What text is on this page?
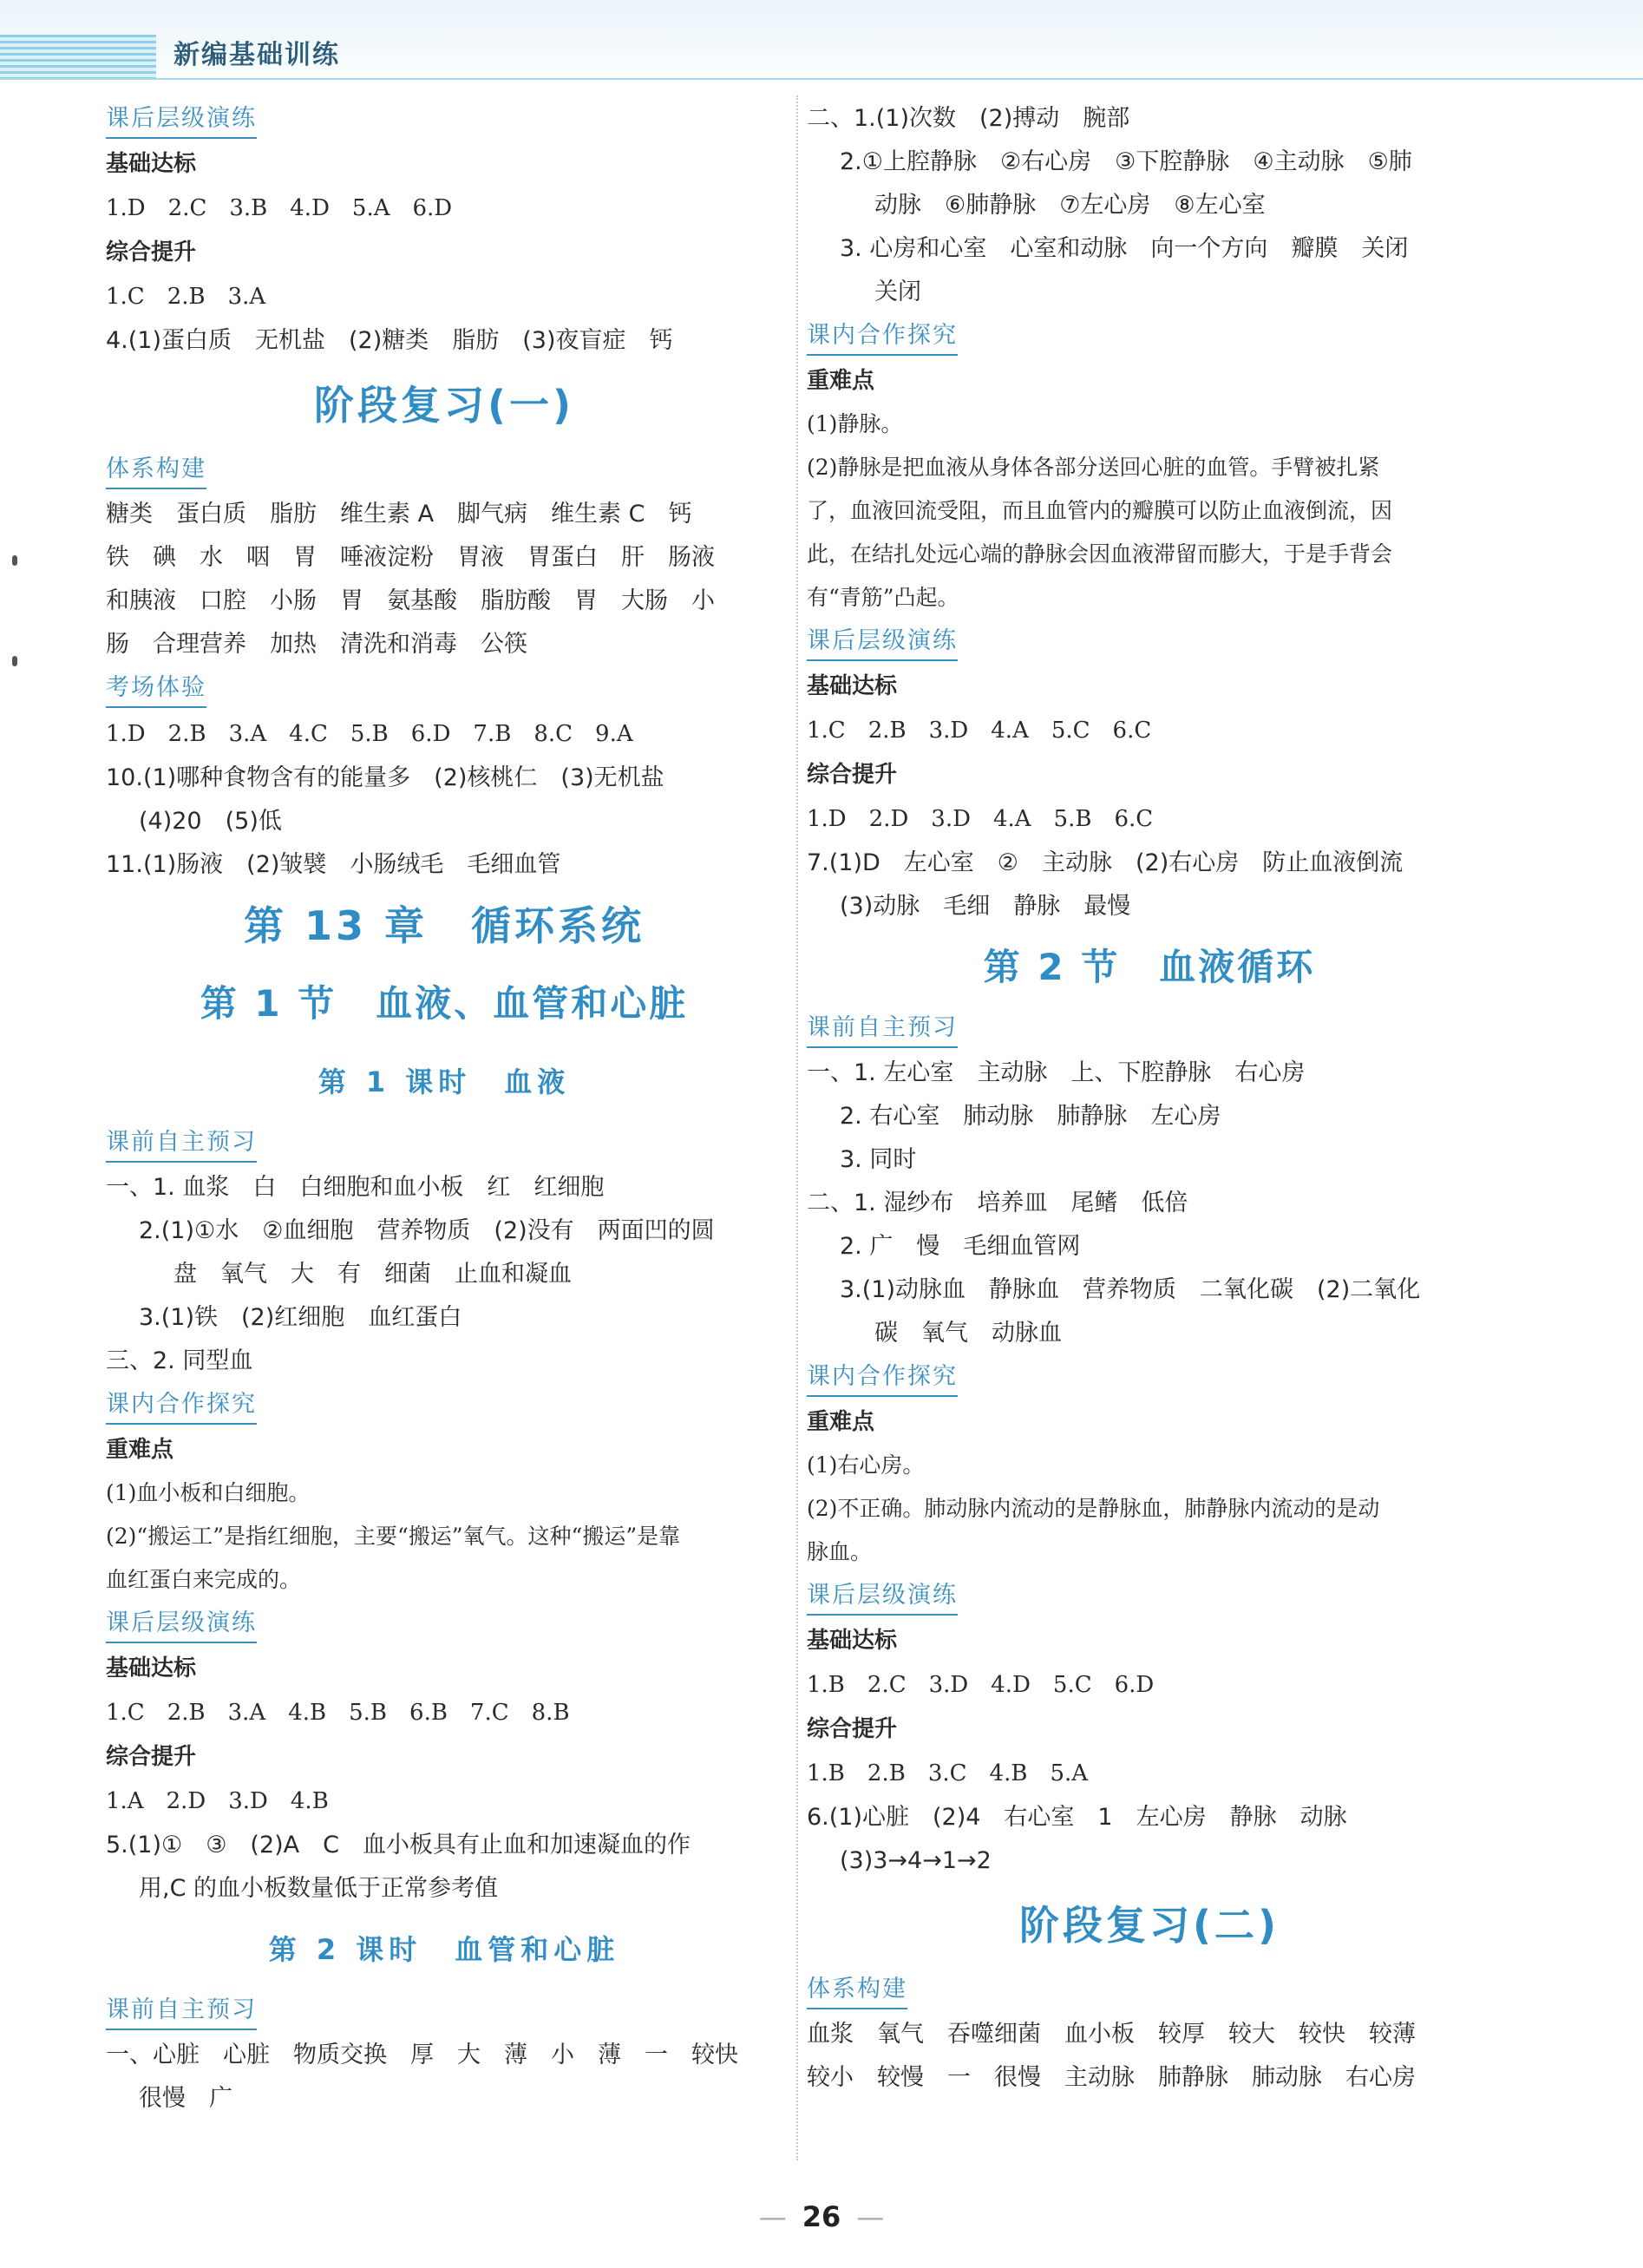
新编基础训练
课后层级演练
基础达标
1.D　2.C　3.B　4.D　5.A　6.D
综合提升
1.C　2.B　3.A
4.(1)蛋白质　无机盐　(2)糖类　脂肪　(3)夜盲症　钙
阶段复习(一)
体系构建
糖类　蛋白质　脂肪　维生素 A　脚气病　维生素 C　钙
铁　碘　水　咽　胃　唾液淀粉　胃液　胃蛋白　肝　肠液
和胰液　口腔　小肠　胃　氨基酸　脂肪酸　胃　大肠　小
肠　合理营养　加热　清洗和消毒　公筷
考场体验
1.D　2.B　3.A　4.C　5.B　6.D　7.B　8.C　9.A
10.(1)哪种食物含有的能量多　(2)核桃仁　(3)无机盐
(4)20　(5)低
11.(1)肠液　(2)皱襞　小肠绒毛　毛细血管
第 13 章　循环系统
第 1 节　血液、血管和心脏
第 1 课时　血液
课前自主预习
一、1. 血浆　白　白细胞和血小板　红　红细胞
2.(1)①水　②血细胞　营养物质　(2)没有　两面凹的圆
盘　氧气　大　有　细菌　止血和凝血
3.(1)铁　(2)红细胞　血红蛋白
三、2. 同型血
课内合作探究
重难点
(1)血小板和白细胞。
(2)“搬运工”是指红细胞，主要“搬运”氧气。这种“搬运”是靠
血红蛋白来完成的。
课后层级演练
基础达标
1.C　2.B　3.A　4.B　5.B　6.B　7.C　8.B
综合提升
1.A　2.D　3.D　4.B
5.(1)①　③　(2)A　C　血小板具有止血和加速凝血的作
用,C 的血小板数量低于正常参考值
第 2 课时　血管和心脏
课前自主预习
一、心脏　心脏　物质交换　厚　大　薄　小　薄　一　较快
很慢　广
二、1.(1)次数　(2)搏动　腕部
2.①上腔静脉　②右心房　③下腔静脉　④主动脉　⑤肺
动脉　⑥肺静脉　⑦左心房　⑧左心室
3. 心房和心室　心室和动脉　向一个方向　瓣膜　关闭
关闭
课内合作探究
重难点
(1)静脉。
(2)静脉是把血液从身体各部分送回心脏的血管。手臂被扎紧
了，血液回流受阻，而且血管内的瓣膜可以防止血液倒流，因
此，在结扎处远心端的静脉会因血液滞留而膨大，于是手背会
有“青筋”凸起。
课后层级演练
基础达标
1.C　2.B　3.D　4.A　5.C　6.C
综合提升
1.D　2.D　3.D　4.A　5.B　6.C
7.(1)D　左心室　②　主动脉　(2)右心房　防止血液倒流
(3)动脉　毛细　静脉　最慢
第 2 节　血液循环
课前自主预习
一、1. 左心室　主动脉　上、下腔静脉　右心房
2. 右心室　肺动脉　肺静脉　左心房
3. 同时
二、1. 湿纱布　培养皿　尾鳍　低倍
2. 广　慢　毛细血管网
3.(1)动脉血　静脉血　营养物质　二氧化碳　(2)二氧化
碳　氧气　动脉血
课内合作探究
重难点
(1)右心房。
(2)不正确。肺动脉内流动的是静脉血，肺静脉内流动的是动
脉血。
课后层级演练
基础达标
1.B　2.C　3.D　4.D　5.C　6.D
综合提升
1.B　2.B　3.C　4.B　5.A
6.(1)心脏　(2)4　右心室　1　左心房　静脉　动脉
(3)3→4→1→2
阶段复习(二)
体系构建
血浆　氧气　吞噬细菌　血小板　较厚　较大　较快　较薄
较小　较慢　一　很慢　主动脉　肺静脉　肺动脉　右心房
— 26 —
